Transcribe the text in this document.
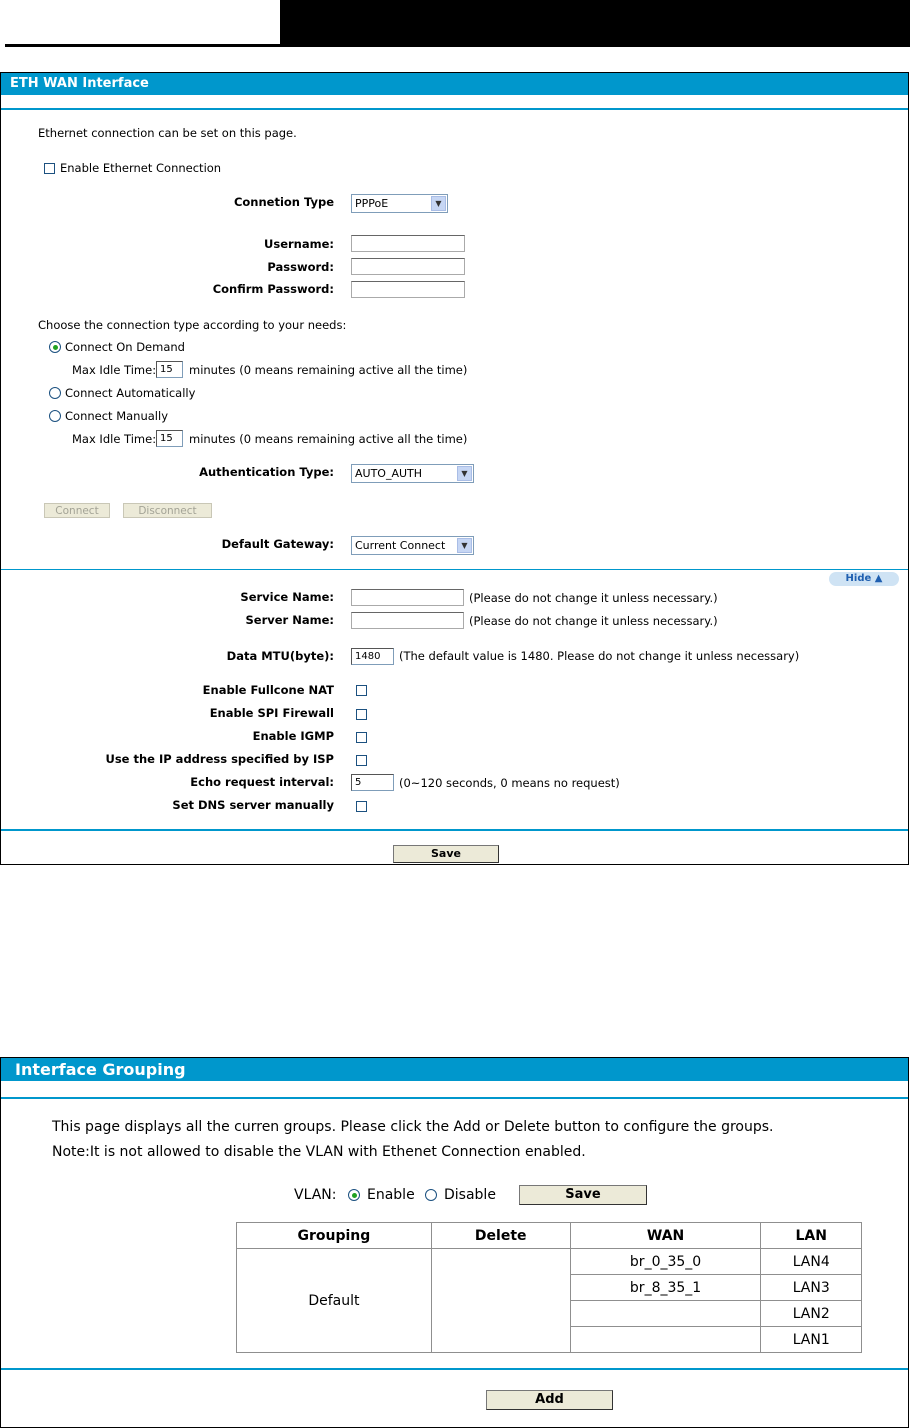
ETH WAN Interface
Ethernet connection can be set on this page.
Enable Ethernet Connection
Connetion Type	PPPoE	▼
Username:
Password:
Confirm Password:
Choose the connection type according to your needs:
Connect On Demand
Max Idle Time: 15	minutes (0 means remaining active all the time)
Connect Automatically
Connect Manually
Max Idle Time: 15	minutes (0 means remaining active all the time)
Authentication Type:	AUTO_AUTH	▼
Connect	Disconnect
Default Gateway:	Current Connect	▼
Hide ▲
Service Name:	(Please do not change it unless necessary.)
Server Name:	(Please do not change it unless necessary.)
Data MTU(byte):	1480	(The default value is 1480. Please do not change it unless necessary)
Enable Fullcone NAT
Enable SPI Firewall
Enable IGMP
Use the IP address specified by ISP
Echo request interval:	5	(0~120 seconds, 0 means no request)
Set DNS server manually
Save
Interface Grouping
This page displays all the curren groups. Please click the Add or Delete button to configure the groups.
Note:It is not allowed to disable the VLAN with Ethenet Connection enabled.
VLAN: Enable Disable	Save
Add
Grouping	Delete	WAN	LAN
Default		br_0_35_0	LAN4
		br_8_35_1	LAN3
			LAN2
			LAN1
